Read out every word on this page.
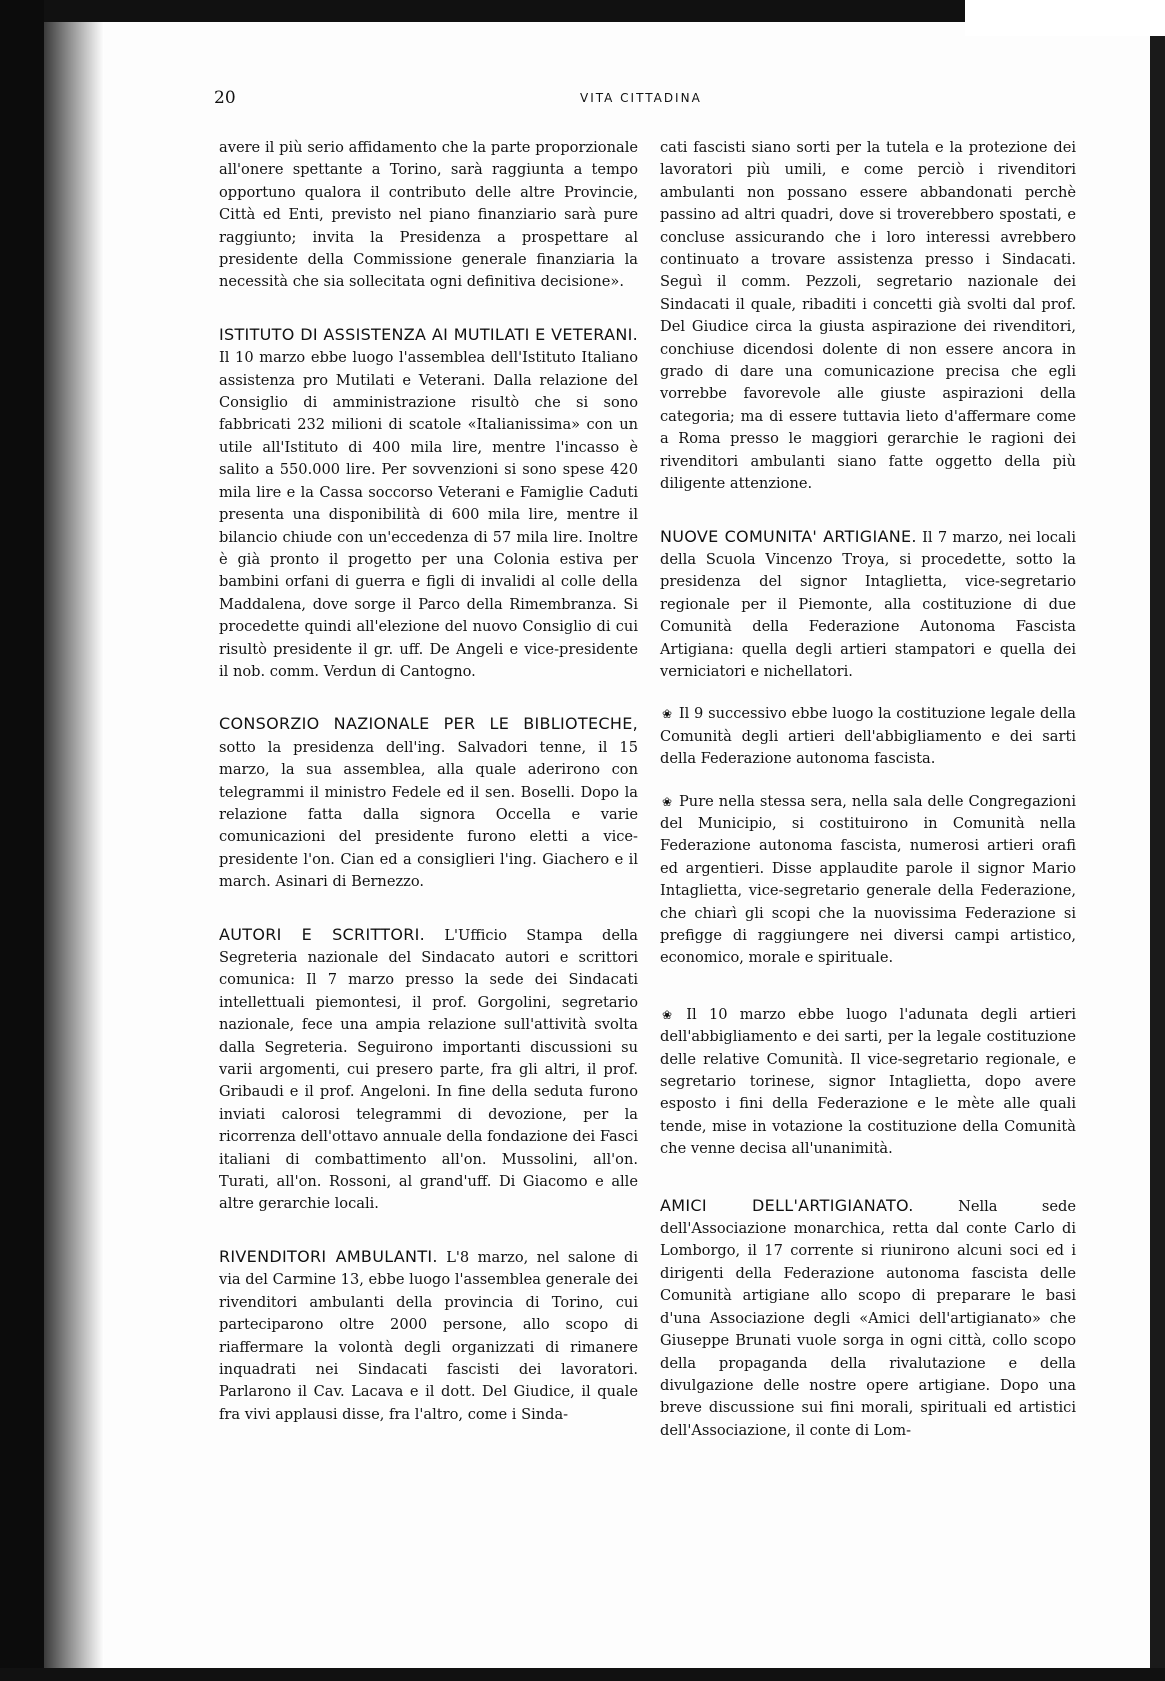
20	VITA CITTADINA

avere il più serio affidamento che la parte proporzionale all'onere spettante a Torino, sarà raggiunta a tempo opportuno qualora il contributo delle altre Provincie, Città ed Enti, previsto nel piano finanziario sarà pure raggiunto; invita la Presidenza a prospettare al presidente della Commissione generale finanziaria la necessità che sia sollecitata ogni definitiva decisione».

ISTITUTO DI ASSISTENZA AI MUTILATI E VETERANI. Il 10 marzo ebbe luogo l'assemblea dell'Istituto Italiano assistenza pro Mutilati e Veterani. Dalla relazione del Consiglio di amministrazione risultò che si sono fabbricati 232 milioni di scatole «Italianissima» con un utile all'Istituto di 400 mila lire, mentre l'incasso è salito a 550.000 lire. Per sovvenzioni si sono spese 420 mila lire e la Cassa soccorso Veterani e Famiglie Caduti presenta una disponibilità di 600 mila lire, mentre il bilancio chiude con un'eccedenza di 57 mila lire. Inoltre è già pronto il progetto per una Colonia estiva per bambini orfani di guerra e figli di invalidi al colle della Maddalena, dove sorge il Parco della Rimembranza. Si procedette quindi all'elezione del nuovo Consiglio di cui risultò presidente il gr. uff. De Angeli e vice-presidente il nob. comm. Verdun di Cantogno.

CONSORZIO NAZIONALE PER LE BIBLIOTECHE, sotto la presidenza dell'ing. Salvadori tenne, il 15 marzo, la sua assemblea, alla quale aderirono con telegrammi il ministro Fedele ed il sen. Boselli. Dopo la relazione fatta dalla signora Occella e varie comunicazioni del presidente furono eletti a vice-presidente l'on. Cian ed a consiglieri l'ing. Giachero e il march. Asinari di Bernezzo.

AUTORI E SCRITTORI. L'Ufficio Stampa della Segreteria nazionale del Sindacato autori e scrittori comunica: Il 7 marzo presso la sede dei Sindacati intellettuali piemontesi, il prof. Gorgolini, segretario nazionale, fece una ampia relazione sull'attività svolta dalla Segreteria. Seguirono importanti discussioni su varii argomenti, cui presero parte, fra gli altri, il prof. Gribaudi e il prof. Angeloni. In fine della seduta furono inviati calorosi telegrammi di devozione, per la ricorrenza dell'ottavo annuale della fondazione dei Fasci italiani di combattimento all'on. Mussolini, all'on. Turati, all'on. Rossoni, al grand'uff. Di Giacomo e alle altre gerarchie locali.

RIVENDITORI AMBULANTI. L'8 marzo, nel salone di via del Carmine 13, ebbe luogo l'assemblea generale dei rivenditori ambulanti della provincia di Torino, cui parteciparono oltre 2000 persone, allo scopo di riaffermare la volontà degli organizzati di rimanere inquadrati nei Sindacati fascisti dei lavoratori. Parlarono il Cav. Lacava e il dott. Del Giudice, il quale fra vivi applausi disse, fra l'altro, come i Sinda-

cati fascisti siano sorti per la tutela e la protezione dei lavoratori più umili, e come perciò i rivenditori ambulanti non possano essere abbandonati perchè passino ad altri quadri, dove si troverebbero spostati, e concluse assicurando che i loro interessi avrebbero continuato a trovare assistenza presso i Sindacati. Seguì il comm. Pezzoli, segretario nazionale dei Sindacati il quale, ribaditi i concetti già svolti dal prof. Del Giudice circa la giusta aspirazione dei rivenditori, conchiuse dicendosi dolente di non essere ancora in grado di dare una comunicazione precisa che egli vorrebbe favorevole alle giuste aspirazioni della categoria; ma di essere tuttavia lieto d'affermare come a Roma presso le maggiori gerarchie le ragioni dei rivenditori ambulanti siano fatte oggetto della più diligente attenzione.

NUOVE COMUNITA' ARTIGIANE. Il 7 marzo, nei locali della Scuola Vincenzo Troya, si procedette, sotto la presidenza del signor Intaglietta, vice-segretario regionale per il Piemonte, alla costituzione di due Comunità della Federazione Autonoma Fascista Artigiana: quella degli artieri stampatori e quella dei verniciatori e nichellatori.

❀ Il 9 successivo ebbe luogo la costituzione legale della Comunità degli artieri dell'abbigliamento e dei sarti della Federazione autonoma fascista.

❀ Pure nella stessa sera, nella sala delle Congregazioni del Municipio, si costituirono in Comunità nella Federazione autonoma fascista, numerosi artieri orafi ed argentieri. Disse applaudite parole il signor Mario Intaglietta, vice-segretario generale della Federazione, che chiarì gli scopi che la nuovissima Federazione si prefigge di raggiungere nei diversi campi artistico, economico, morale e spirituale.

❀ Il 10 marzo ebbe luogo l'adunata degli artieri dell'abbigliamento e dei sarti, per la legale costituzione delle relative Comunità. Il vice-segretario regionale, e segretario torinese, signor Intaglietta, dopo avere esposto i fini della Federazione e le mète alle quali tende, mise in votazione la costituzione della Comunità che venne decisa all'unanimità.

AMICI DELL'ARTIGIANATO. Nella sede dell'Associazione monarchica, retta dal conte Carlo di Lomborgo, il 17 corrente si riunirono alcuni soci ed i dirigenti della Federazione autonoma fascista delle Comunità artigiane allo scopo di preparare le basi d'una Associazione degli «Amici dell'artigianato» che Giuseppe Brunati vuole sorga in ogni città, collo scopo della propaganda della rivalutazione e della divulgazione delle nostre opere artigiane. Dopo una breve discussione sui fini morali, spirituali ed artistici dell'Associazione, il conte di Lom-
